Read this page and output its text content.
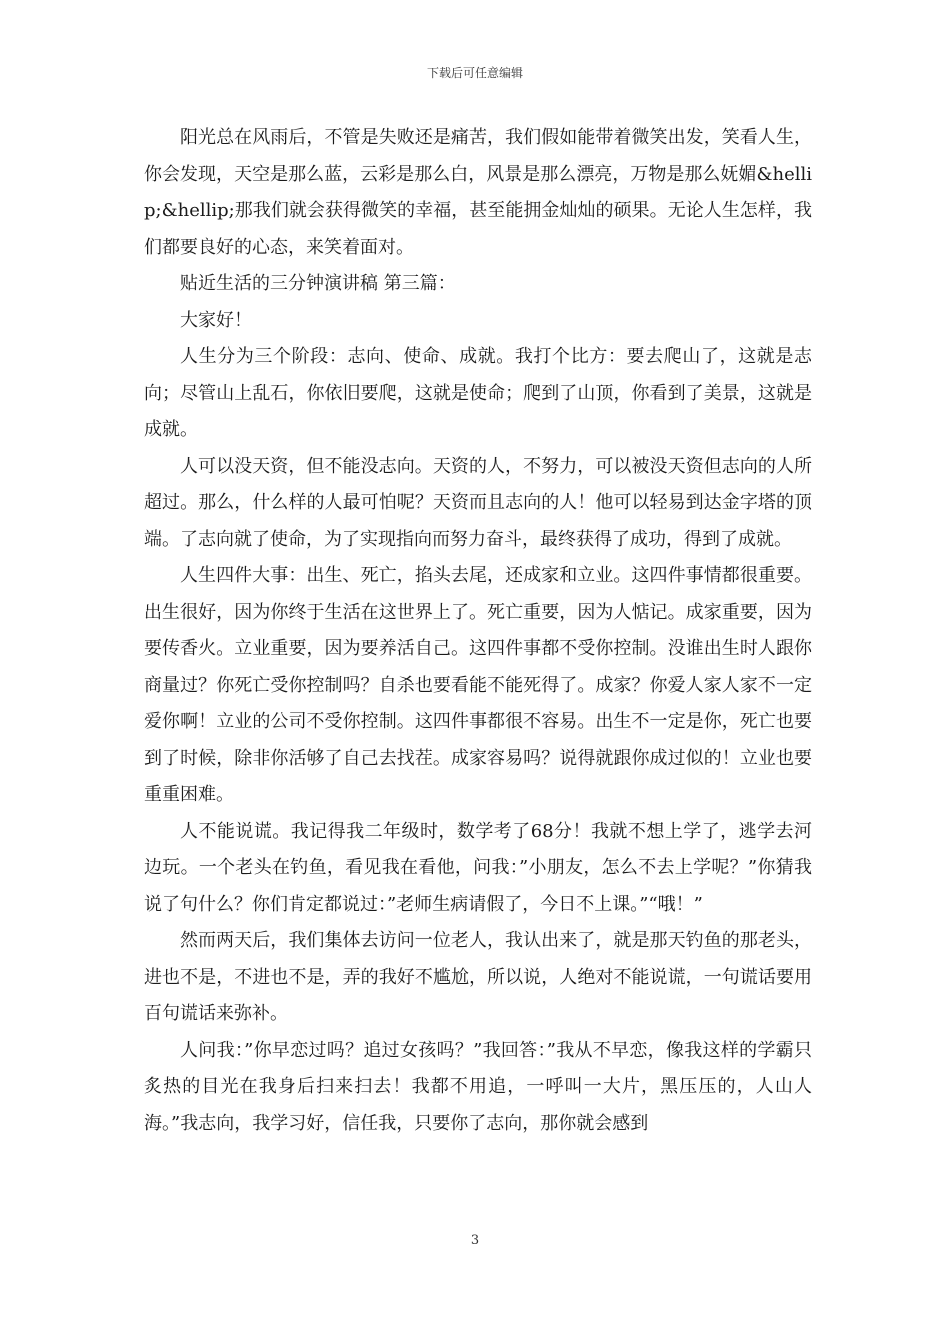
下载后可任意编辑

阳光总在风雨后，不管是失败还是痛苦，我们假如能带着微笑出发，笑看人生，你会发现，天空是那么蓝，云彩是那么白，风景是那么漂亮，万物是那么妩媚&hellip;&hellip;那我们就会获得微笑的幸福，甚至能拥金灿灿的硕果。无论人生怎样，我们都要良好的心态，来笑着面对。

贴近生活的三分钟演讲稿 第三篇：

大家好！

人生分为三个阶段：志向、使命、成就。我打个比方：要去爬山了，这就是志向；尽管山上乱石，你依旧要爬，这就是使命；爬到了山顶，你看到了美景，这就是成就。

人可以没天资，但不能没志向。天资的人，不努力，可以被没天资但志向的人所超过。那么，什么样的人最可怕呢？天资而且志向的人！他可以轻易到达金字塔的顶端。了志向就了使命，为了实现指向而努力奋斗，最终获得了成功，得到了成就。

人生四件大事：出生、死亡，掐头去尾，还成家和立业。这四件事情都很重要。出生很好，因为你终于生活在这世界上了。死亡重要，因为人惦记。成家重要，因为要传香火。立业重要，因为要养活自己。这四件事都不受你控制。没谁出生时人跟你商量过？你死亡受你控制吗？自杀也要看能不能死得了。成家？你爱人家人家不一定爱你啊！立业的公司不受你控制。这四件事都很不容易。出生不一定是你，死亡也要到了时候，除非你活够了自己去找茬。成家容易吗？说得就跟你成过似的！立业也要重重困难。

人不能说谎。我记得我二年级时，数学考了68分！我就不想上学了，逃学去河边玩。一个老头在钓鱼，看见我在看他，问我：”小朋友，怎么不去上学呢？”你猜我说了句什么？你们肯定都说过：”老师生病请假了，今日不上课。”“哦！”

然而两天后，我们集体去访问一位老人，我认出来了，就是那天钓鱼的那老头，进也不是，不进也不是，弄的我好不尴尬，所以说，人绝对不能说谎，一句谎话要用百句谎话来弥补。

人问我：”你早恋过吗？追过女孩吗？”我回答：”我从不早恋，像我这样的学霸只炙热的目光在我身后扫来扫去！我都不用追，一呼叫一大片，黑压压的，人山人海。”我志向，我学习好，信任我，只要你了志向，那你就会感到

3
